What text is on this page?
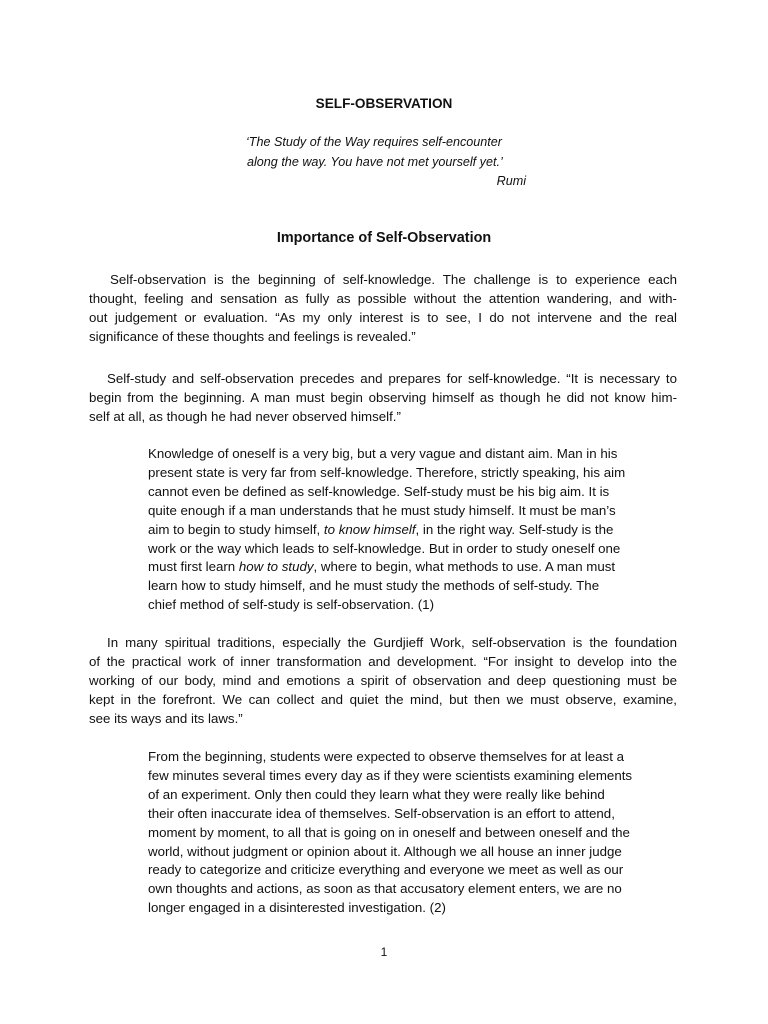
SELF-OBSERVATION
‘The Study of the Way requires self-encounter
along the way. You have not met yourself yet.’
Rumi
Importance of Self-Observation
Self-observation is the beginning of self-knowledge. The challenge is to experience each
thought, feeling and sensation as fully as possible without the attention wandering, and with-
out judgement or evaluation. “As my only interest is to see, I do not intervene and the real
significance of these thoughts and feelings is revealed.”
Self-study and self-observation precedes and prepares for self-knowledge. “It is necessary to
begin from the beginning. A man must begin observing himself as though he did not know him-
self at all, as though he had never observed himself.”
Knowledge of oneself is a very big, but a very vague and distant aim. Man in his
present state is very far from self-knowledge. Therefore, strictly speaking, his aim
cannot even be defined as self-knowledge. Self-study must be his big aim. It is
quite enough if a man understands that he must study himself. It must be man’s
aim to begin to study himself, to know himself, in the right way. Self-study is the
work or the way which leads to self-knowledge. But in order to study oneself one
must first learn how to study, where to begin, what methods to use. A man must
learn how to study himself, and he must study the methods of self-study. The
chief method of self-study is self-observation. (1)
In many spiritual traditions, especially the Gurdjieff Work, self-observation is the foundation
of the practical work of inner transformation and development. “For insight to develop into the
working of our body, mind and emotions a spirit of observation and deep questioning must be
kept in the forefront. We can collect and quiet the mind, but then we must observe, examine,
see its ways and its laws.”
From the beginning, students were expected to observe themselves for at least a
few minutes several times every day as if they were scientists examining elements
of an experiment. Only then could they learn what they were really like behind
their often inaccurate idea of themselves. Self-observation is an effort to attend,
moment by moment, to all that is going on in oneself and between oneself and the
world, without judgment or opinion about it. Although we all house an inner judge
ready to categorize and criticize everything and everyone we meet as well as our
own thoughts and actions, as soon as that accusatory element enters, we are no
longer engaged in a disinterested investigation. (2)
1
